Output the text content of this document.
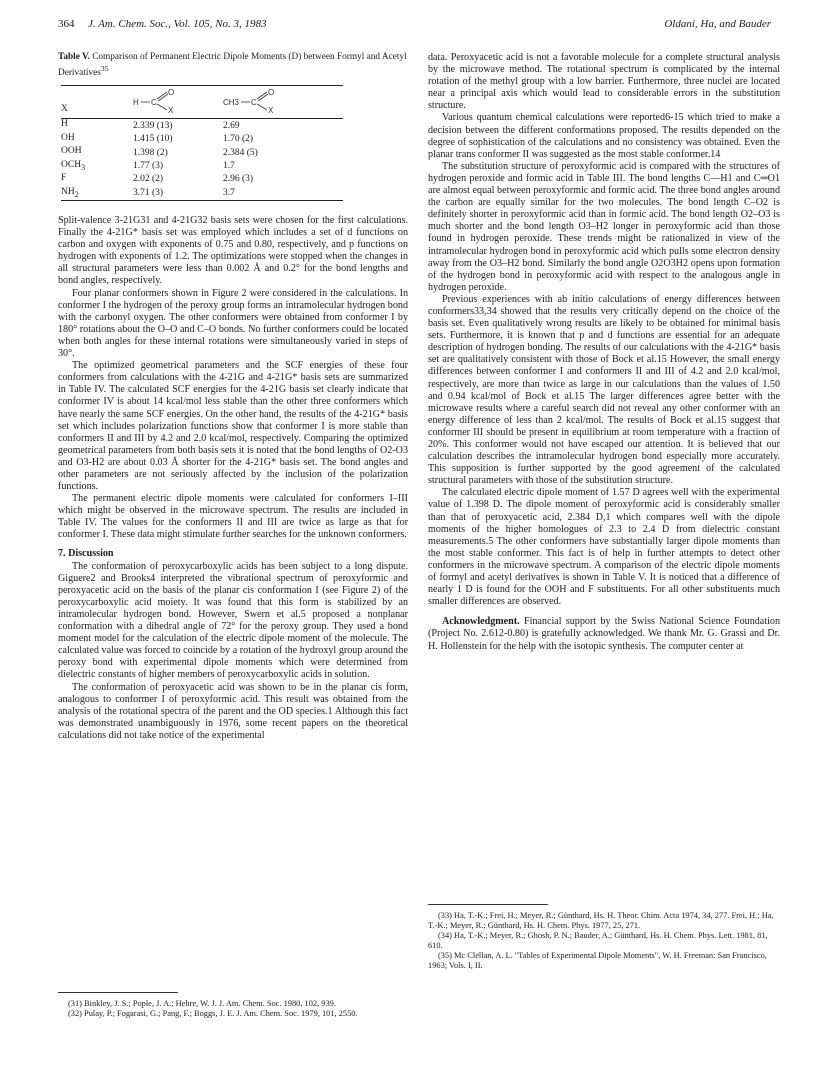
364 J. Am. Chem. Soc., Vol. 105, No. 3, 1983	Oldani, Ha, and Bauder
Table V. Comparison of Permanent Electric Dipole Moments (D) between Formyl and Acetyl Derivatives$^{35}$
X	H C
O
X	CH3 C
O
X

H	2.339 (13)	2.69
OH	1.415 (10)	1.70 (2)
OOH	1.398 (2)	2.384 (5)
$OCH_3$	1.77 (3)	1.7
F	2.02 (2)	2.96 (3)
$NH_2$	3.71 (3)	3.7

Split-valence 3-21G31 and 4-21G32 basis sets were chosen for the first calculations. Finally the 4-21G* basis set was employed which includes a set of d functions on carbon and oxygen with exponents of 0.75 and 0.80, respectively, and p functions on hydrogen with exponents of 1.2. The optimizations were stopped when the changes in all structural parameters were less than 0.002 Å and 0.2° for the bond lengths and bond angles, respectively.

Four planar conformers shown in Figure 2 were considered in the calculations. In conformer I the hydrogen of the peroxy group forms an intramolecular hydrogen bond with the carbonyl oxygen. The other conformers were obtained from conformer I by 180° rotations about the O–O and C–O bonds. No further conformers could be located when both angles for these internal rotations were simultaneously varied in steps of 30°.

The optimized geometrical parameters and the SCF energies of these four conformers from calculations with the 4-21G and 4-21G* basis sets are summarized in Table IV. The calculated SCF energies for the 4-21G basis set clearly indicate that conformer IV is about 14 kcal/mol less stable than the other three conformers which have nearly the same SCF energies. On the other hand, the results of the 4-21G* basis set which includes polarization functions show that conformer I is more stable than conformers II and III by 4.2 and 2.0 kcal/mol, respectively. Comparing the optimized geometrical parameters from both basis sets it is noted that the bond lengths of O2-O3 and O3-H2 are about 0.03 Å shorter for the 4-21G* basis set. The bond angles and other parameters are not seriously affected by the inclusion of the polarization functions.

The permanent electric dipole moments were calculated for conformers I–III which might be observed in the microwave spectrum. The results are included in Table IV. The values for the conformers II and III are twice as large as that for conformer I. These data might stimulate further searches for the unknown conformers.

7. Discussion

The conformation of peroxycarboxylic acids has been subject to a long dispute. Giguere2 and Brooks4 interpreted the vibrational spectrum of peroxyformic and peroxyacetic acid on the basis of the planar cis conformation I (see Figure 2) of the peroxycarboxylic acid moiety. It was found that this form is stabilized by an intramolecular hydrogen bond. However, Swern et al.5 proposed a nonplanar conformation with a dihedral angle of 72° for the peroxy group. They used a bond moment model for the calculation of the electric dipole moment of the molecule. The calculated value was forced to coincide by a rotation of the hydroxyl group around the peroxy bond with experimental dipole moments which were determined from dielectric constants of higher members of peroxycarboxylic acids in solution.

The conformation of peroxyacetic acid was shown to be in the planar cis form, analogous to conformer I of peroxyformic acid. This result was obtained from the analysis of the rotational spectra of the parent and the OD species.1 Although this fact was demonstrated unambiguously in 1976, some recent papers on the theoretical calculations did not take notice of the experimental

data. Peroxyacetic acid is not a favorable molecule for a complete structural analysis by the microwave method. The rotational spectrum is complicated by the internal rotation of the methyl group with a low barrier. Furthermore, three nuclei are located near a principal axis which would lead to considerable errors in the substitution structure.

Various quantum chemical calculations were reported6-15 which tried to make a decision between the different conformations proposed. The results depended on the degree of sophistication of the calculations and no consistency was obtained. Even the planar trans conformer II was suggested as the most stable conformer.14

The substitution structure of peroxyformic acid is compared with the structures of hydrogen peroxide and formic acid in Table III. The bond lengths C—H1 and C═O1 are almost equal between peroxyformic and formic acid. The three bond angles around the carbon are equally similar for the two molecules. The bond length C–O2 is definitely shorter in peroxyformic acid than in formic acid. The bond length O2–O3 is much shorter and the bond length O3–H2 longer in peroxyformic acid than those found in hydrogen peroxide. These trends might be rationalized in view of the intramolecular hydrogen bond in peroxyformic acid which pulls some electron density away from the O3–H2 bond. Similarly the bond angle O2O3H2 opens upon formation of the hydrogen bond in peroxyformic acid with respect to the analogous angle in hydrogen peroxide.

Previous experiences with ab initio calculations of energy differences between conformers33,34 showed that the results very critically depend on the choice of the basis set. Even qualitatively wrong results are likely to be obtained for minimal basis sets. Furthermore, it is known that p and d functions are essential for an adequate description of hydrogen bonding. The results of our calculations with the 4-21G* basis set are qualitatively consistent with those of Bock et al.15 However, the small energy differences between conformer I and conformers II and III of 4.2 and 2.0 kcal/mol, respectively, are more than twice as large in our calculations than the values of 1.50 and 0.94 kcal/mol of Bock et al.15 The larger differences agree better with the microwave results where a careful search did not reveal any other conformer with an energy difference of less than 2 kcal/mol. The results of Bock et al.15 suggest that conformer III should be present in equilibrium at room temperature with a fraction of 20%. This conformer would not have escaped our attention. It is believed that our calculation describes the intramolecular hydrogen bond especially more accurately. This supposition is further supported by the good agreement of the calculated structural parameters with those of the substitution structure.

The calculated electric dipole moment of 1.57 D agrees well with the experimental value of 1.398 D. The dipole moment of peroxyformic acid is considerably smaller than that of peroxyacetic acid, 2.384 D,1 which compares well with the dipole moments of the higher homologues of 2.3 to 2.4 D from dielectric constant measurements.5 The other conformers have substantially larger dipole moments than the most stable conformer. This fact is of help in further attempts to detect other conformers in the microwave spectrum. A comparison of the electric dipole moments of formyl and acetyl derivatives is shown in Table V. It is noticed that a difference of nearly 1 D is found for the OOH and F substituents. For all other substituents much smaller differences are observed.

Acknowledgment. Financial support by the Swiss National Science Foundation (Project No. 2.612-0.80) is gratefully acknowledged. We thank Mr. G. Grassi and Dr. H. Hollenstein for the help with the isotopic synthesis. The computer center at

(31) Binkley, J. S.; Pople, J. A.; Hehre, W. J. J. Am. Chem. Soc. 1980, 102, 939.

(32) Pulay, P.; Fogarasi, G.; Pang, F.; Boggs, J. E. J. Am. Chem. Soc. 1979, 101, 2550.

(33) Ha, T.-K.; Frei, H.; Meyer, R.; Günthard, Hs. H. Theor. Chim. Acta 1974, 34, 277. Frei, H.; Ha, T.-K.; Meyer, R.; Günthard, Hs. H. Chem. Phys. 1977, 25, 271.

(34) Ha, T.-K.; Meyer, R.; Ghosh, P. N.; Bauder, A.; Günthard, Hs. H. Chem. Phys. Lett. 1981, 81, 610.

(35) Mc Clellan, A. L. "Tables of Experimental Dipole Moments", W. H. Freeman: San Francisco, 1963; Vols. I, II.
